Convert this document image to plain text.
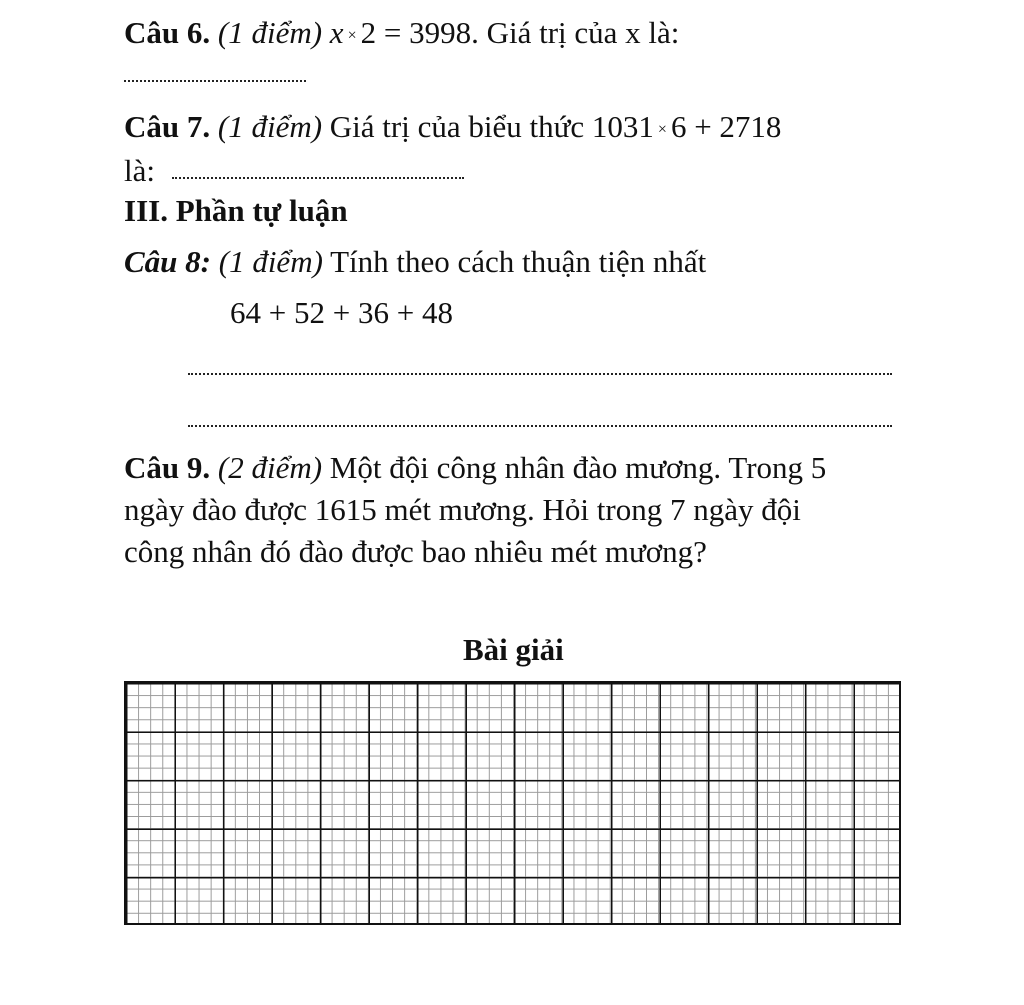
Câu 6. (1 điểm) x × 2 = 3998. Giá trị của x là:
Câu 7. (1 điểm) Giá trị của biểu thức 1031 × 6 + 2718
là:
III. Phần tự luận
Câu 8: (1 điểm) Tính theo cách thuận tiện nhất
64 + 52 + 36 + 48
Câu 9. (2 điểm) Một đội công nhân đào mương. Trong 5
ngày đào được 1615 mét mương. Hỏi trong 7 ngày đội
công nhân đó đào được bao nhiêu mét mương?
Bài giải
